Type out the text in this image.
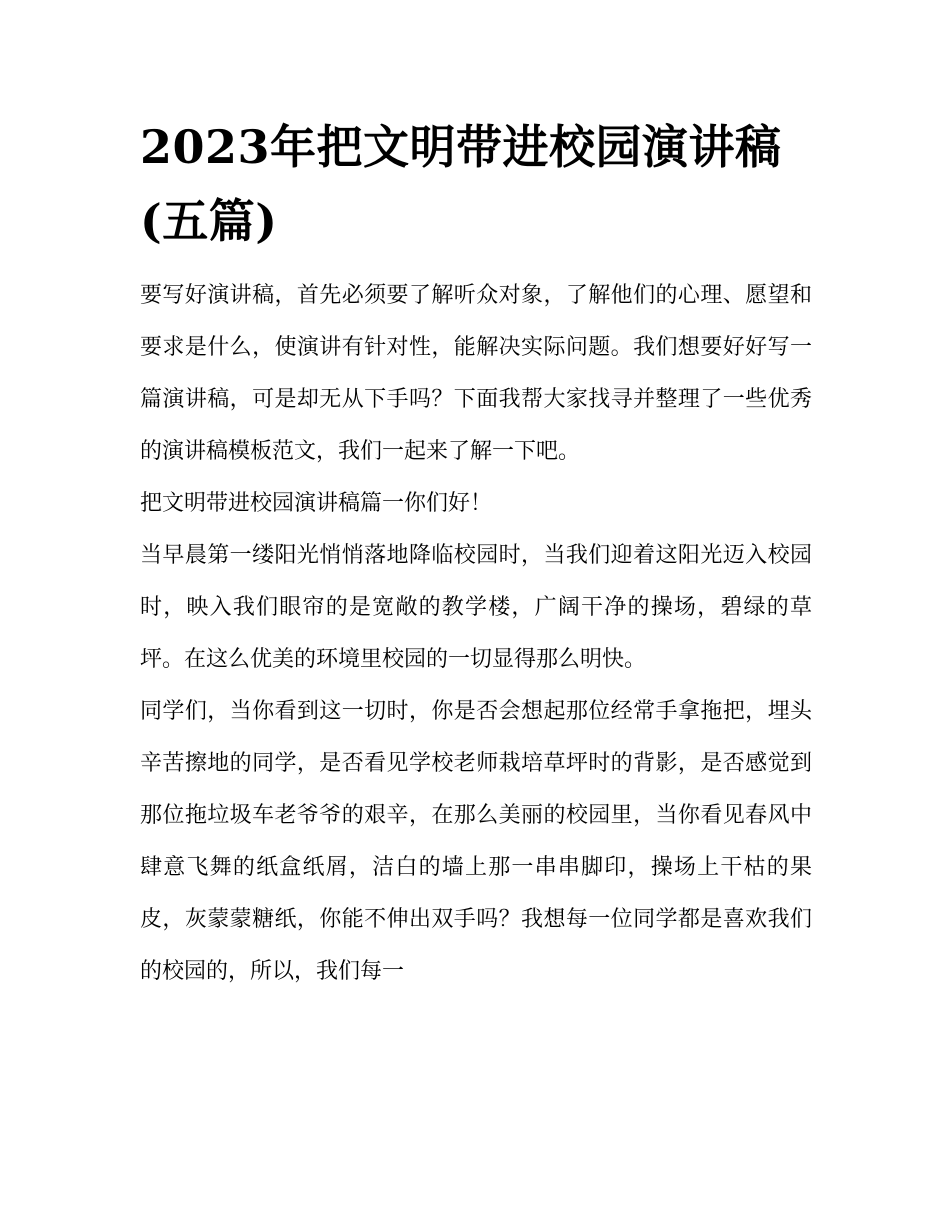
2023年把文明带进校园演讲稿(五篇)

要写好演讲稿，首先必须要了解听众对象，了解他们的心理、愿望和要求是什么，使演讲有针对性，能解决实际问题。我们想要好好写一篇演讲稿，可是却无从下手吗？下面我帮大家找寻并整理了一些优秀的演讲稿模板范文，我们一起来了解一下吧。

把文明带进校园演讲稿篇一你们好！

当早晨第一缕阳光悄悄落地降临校园时，当我们迎着这阳光迈入校园时，映入我们眼帘的是宽敞的教学楼，广阔干净的操场，碧绿的草坪。在这么优美的环境里校园的一切显得那么明快。

同学们，当你看到这一切时，你是否会想起那位经常手拿拖把，埋头辛苦擦地的同学，是否看见学校老师栽培草坪时的背影，是否感觉到那位拖垃圾车老爷爷的艰辛，在那么美丽的校园里，当你看见春风中肆意飞舞的纸盒纸屑，洁白的墙上那一串串脚印，操场上干枯的果皮，灰蒙蒙糖纸，你能不伸出双手吗？我想每一位同学都是喜欢我们的校园的，所以，我们每一
